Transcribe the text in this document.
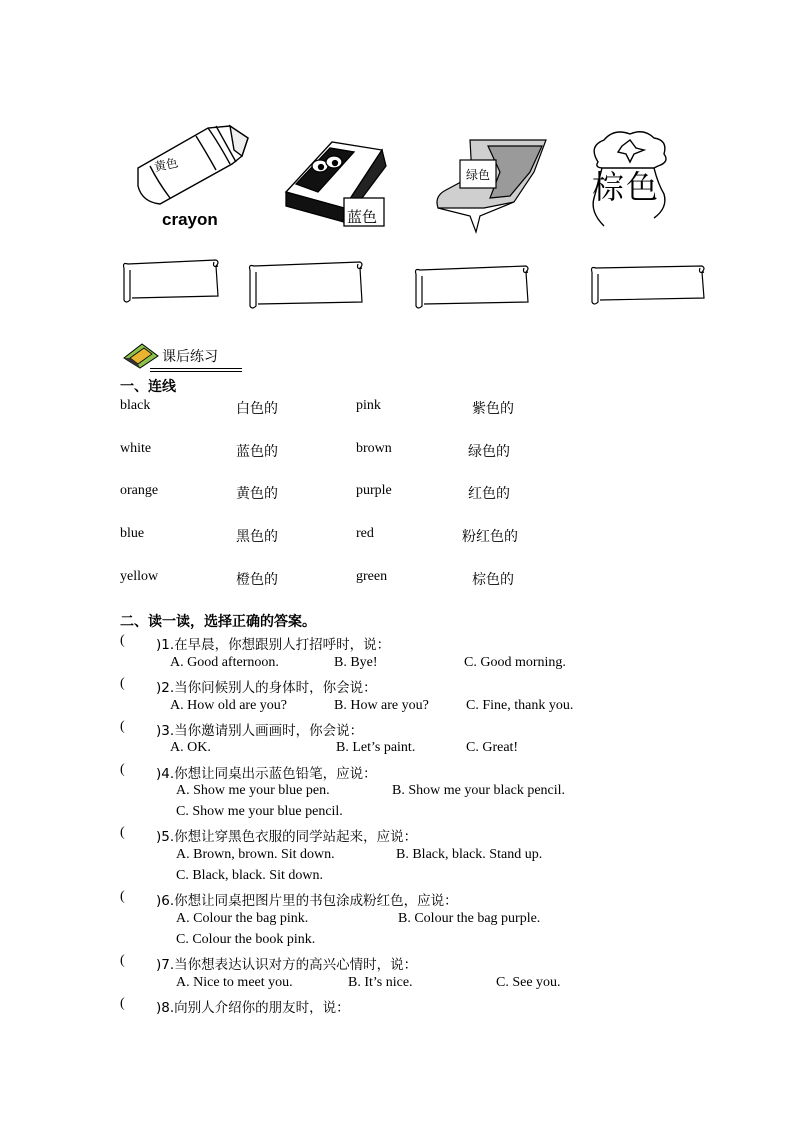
黄色
crayon	蓝色
绿色	棕色
课后练习
一、连线
black	白色的	pink	紫色的
white	蓝色的	brown	绿色的
orange	黄色的	purple	红色的
blue	黑色的	red	粉红色的
yellow	橙色的	green	棕色的
二、读一读，选择正确的答案。
( )1.在早晨，你想跟别人打招呼时，说：
A. Good afternoon.	B. Bye!	C. Good morning.
( )2.当你问候别人的身体时，你会说：
A. How old are you?	B. How are you?	C. Fine, thank you.
( )3.当你邀请别人画画时，你会说：
A. OK.	B. Let’s paint.	C. Great!
( )4.你想让同桌出示蓝色铅笔，应说：
A. Show me your blue pen.	B. Show me your black pencil.
C. Show me your blue pencil.
( )5.你想让穿黑色衣服的同学站起来，应说：
A. Brown, brown. Sit down.	B. Black, black. Stand up.
C. Black, black. Sit down.
( )6.你想让同桌把图片里的书包涂成粉红色，应说：
A. Colour the bag pink.	B. Colour the bag purple.
C. Colour the book pink.
( )7.当你想表达认识对方的高兴心情时，说：
A. Nice to meet you.	B. It’s nice.	C. See you.
( )8.向别人介绍你的朋友时，说：
